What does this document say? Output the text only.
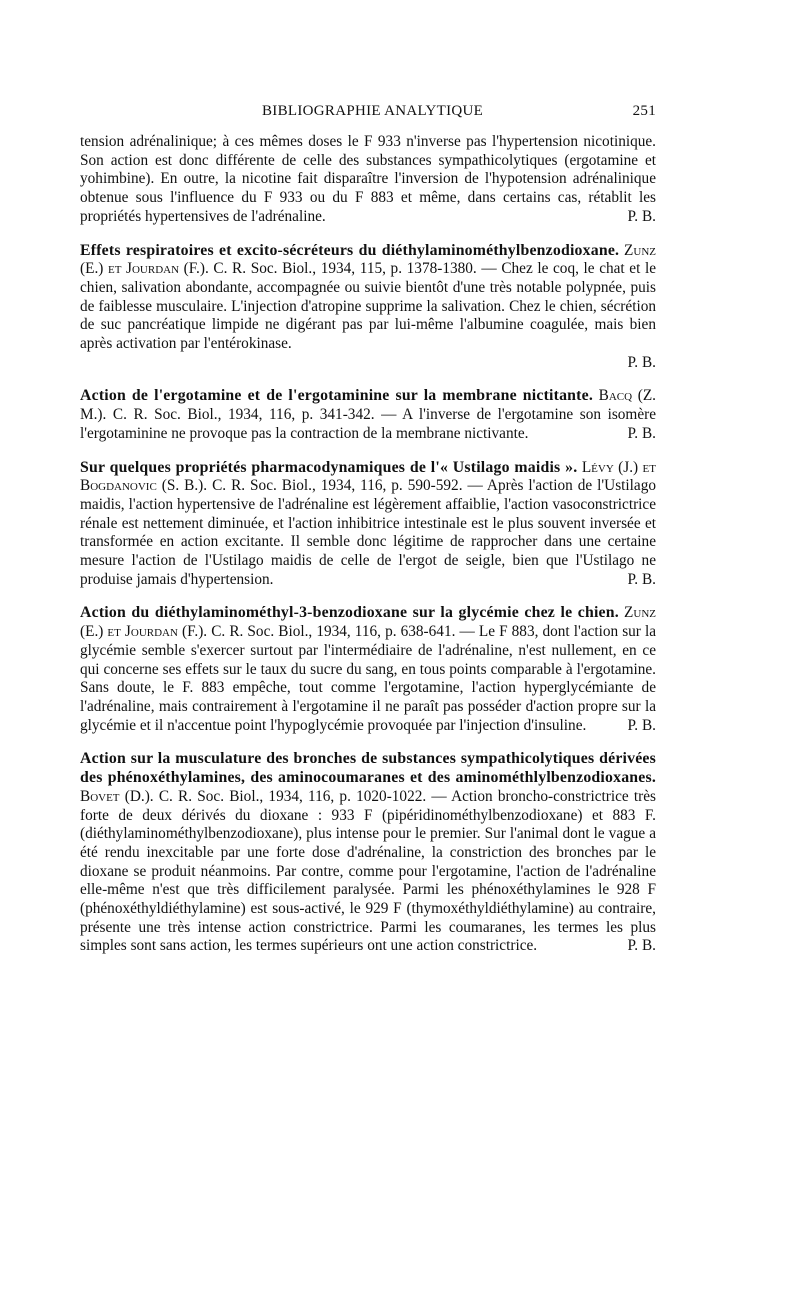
BIBLIOGRAPHIE ANALYTIQUE	251

tension adrénalinique; à ces mêmes doses le F 933 n'inverse pas l'hypertension nicotinique. Son action est donc différente de celle des substances sympathicolytiques (ergotamine et yohimbine). En outre, la nicotine fait disparaître l'inversion de l'hypotension adrénalinique obtenue sous l'influence du F 933 ou du F 883 et même, dans certains cas, rétablit les propriétés hypertensives de l'adrénaline.	P. B.

Effets respiratoires et excito-sécréteurs du diéthylaminométhylbenzodioxane. Zunz (E.) et Jourdan (F.). C. R. Soc. Biol., 1934, 115, p. 1378-1380. — Chez le coq, le chat et le chien, salivation abondante, accompagnée ou suivie bientôt d'une très notable polypnée, puis de faiblesse musculaire. L'injection d'atropine supprime la salivation. Chez le chien, sécrétion de suc pancréatique limpide ne digérant pas par lui-même l'albumine coagulée, mais bien après activation par l'entérokinase.
P. B.

Action de l'ergotamine et de l'ergotaminine sur la membrane nictitante. Bacq (Z. M.). C. R. Soc. Biol., 1934, 116, p. 341-342. — A l'inverse de l'ergotamine son isomère l'ergotaminine ne provoque pas la contraction de la membrane nictivante.	P. B.

Sur quelques propriétés pharmacodynamiques de l'« Ustilago maidis ». Lévy (J.) et Bogdanovic (S. B.). C. R. Soc. Biol., 1934, 116, p. 590-592. — Après l'action de l'Ustilago maidis, l'action hypertensive de l'adrénaline est légèrement affaiblie, l'action vasoconstrictrice rénale est nettement diminuée, et l'action inhibitrice intestinale est le plus souvent inversée et transformée en action excitante. Il semble donc légitime de rapprocher dans une certaine mesure l'action de l'Ustilago maidis de celle de l'ergot de seigle, bien que l'Ustilago ne produise jamais d'hypertension.	P. B.

Action du diéthylaminométhyl-3-benzodioxane sur la glycémie chez le chien. Zunz (E.) et Jourdan (F.). C. R. Soc. Biol., 1934, 116, p. 638-641. — Le F 883, dont l'action sur la glycémie semble s'exercer surtout par l'intermédiaire de l'adrénaline, n'est nullement, en ce qui concerne ses effets sur le taux du sucre du sang, en tous points comparable à l'ergotamine. Sans doute, le F. 883 empêche, tout comme l'ergotamine, l'action hyperglycémiante de l'adrénaline, mais contrairement à l'ergotamine il ne paraît pas posséder d'action propre sur la glycémie et il n'accentue point l'hypoglycémie provoquée par l'injection d'insuline.	P. B.

Action sur la musculature des bronches de substances sympathicolytiques dérivées des phénoxéthylamines, des aminocoumaranes et des aminométhlylbenzodioxanes. Bovet (D.). C. R. Soc. Biol., 1934, 116, p. 1020-1022. — Action broncho-constrictrice très forte de deux dérivés du dioxane : 933 F (pipéridinométhylbenzodioxane) et 883 F. (diéthylaminométhylbenzodioxane), plus intense pour le premier. Sur l'animal dont le vague a été rendu inexcitable par une forte dose d'adrénaline, la constriction des bronches par le dioxane se produit néanmoins. Par contre, comme pour l'ergotamine, l'action de l'adrénaline elle-même n'est que très difficilement paralysée. Parmi les phénoxéthylamines le 928 F (phénoxéthyldiéthylamine) est sous-activé, le 929 F (thymoxéthyldiéthylamine) au contraire, présente une très intense action constrictrice. Parmi les coumaranes, les termes les plus simples sont sans action, les termes supérieurs ont une action constrictrice.	P. B.
